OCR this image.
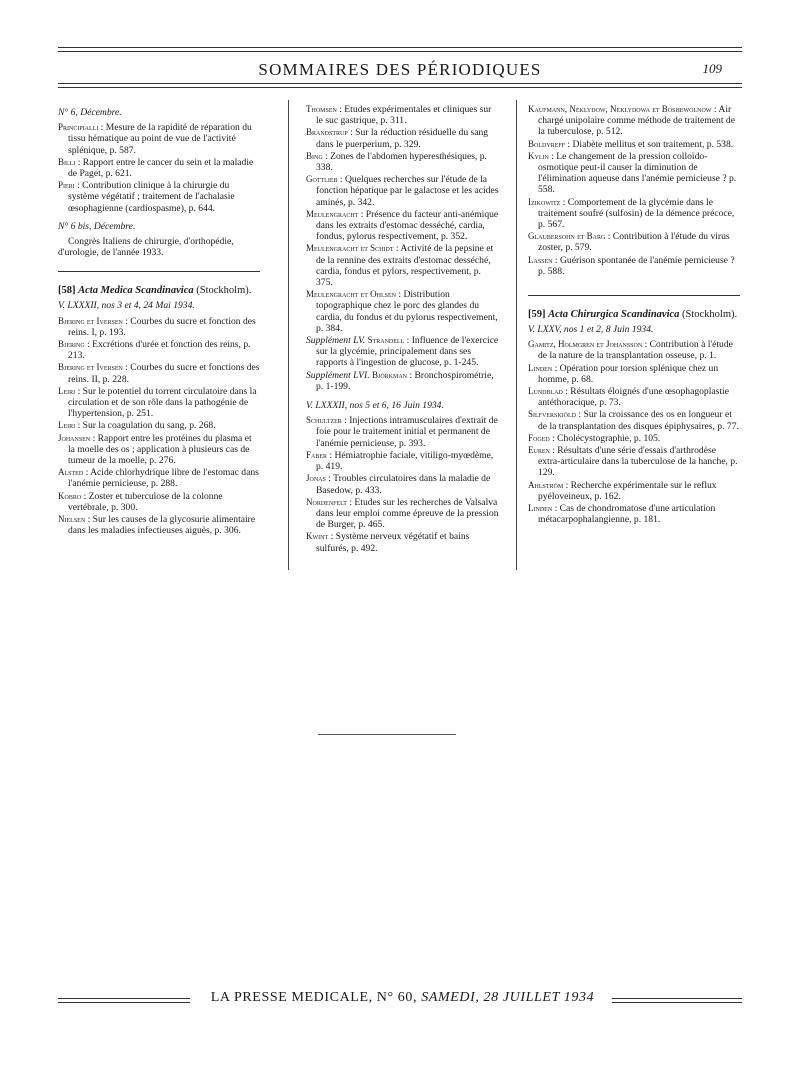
SOMMAIRES DES PÉRIODIQUES	109

N° 6, Décembre.

Principialli : Mesure de la rapidité de réparation du tissu hématique au point de vue de l'activité splénique, p. 587.

Billi : Rapport entre le cancer du sein et la maladie de Paget, p. 621.

Pieri : Contribution clinique à la chirurgie du système végétatif ; traitement de l'achalasie œsophagienne (cardiospasme), p. 644.

N° 6 bis, Décembre.

Congrès Italiens de chirurgie, d'orthopédie, d'urologie, de l'année 1933.

[58] Acta Medica Scandinavica (Stockholm).

V. LXXXII, nos 3 et 4, 24 Mai 1934.

Bjering et Iversen : Courbes du sucre et fonction des reins. I, p. 193.

Bjering : Excrétions d'urée et fonction des reins, p. 213.

Bjering et Iversen : Courbes du sucre et fonctions des reins. II, p. 228.

Leiri : Sur le potentiel du torrent circulatoire dans la circulation et de son rôle dans la pathogénie de l'hypertension, p. 251.

Leiri : Sur la coagulation du sang, p. 268.

Johansen : Rapport entre les protéines du plasma et la moelle des os ; application à plusieurs cas de tumeur de la moelle, p. 276.

Alsted : Acide chlorhydrique libre de l'estomac dans l'anémie pernicieuse, p. 288.

Kobro : Zoster et tuberculose de la colonne vertébrale, p. 300.

Nielsen : Sur les causes de la glycosurie alimentaire dans les maladies infectieuses aiguës, p. 306.

Thomsen : Etudes expérimentales et cliniques sur le suc gastrique, p. 311.

Brandstrup : Sur la réduction résiduelle du sang dans le puerperium, p. 329.

Bing : Zones de l'abdomen hyperesthésiques, p. 338.

Gottlieb : Quelques recherches sur l'étude de la fonction hépatique par le galactose et les acides aminés, p. 342.

Meulengracht : Présence du facteur anti-anémique dans les extraits d'estomac desséché, cardia, fondus, pylorus respectivement, p. 352.

Meulengracht et Schidt : Activité de la pepsine et de la rennine des extraits d'estomac desséché, cardia, fondus et pylors, respectivement, p. 375.

Meulengracht et Ohlsen : Distribution topographique chez le porc des glandes du cardia, du fondus et du pylorus respectivement, p. 384.

Supplément LV. Strandell : Influence de l'exercice sur la glycémie, principalement dans ses rapports à l'ingestion de glucose, p. 1-245.

Supplément LVI. Björkman : Bronchospirométrie, p. 1-199.

V. LXXXII, nos 5 et 6, 16 Juin 1934.

Schultzer : Injections intramusculaires d'extrait de foie pour le traitement initial et permanent de l'anémie pernicieuse, p. 393.

Faber : Hémiatrophie faciale, vitiligo-myœdème, p. 419.

Jonas : Troubles circulatoires dans la maladie de Basedow, p. 433.

Nordenfelt : Etudes sur les recherches de Valsalva dans leur emploi comme épreuve de la pression de Burger, p. 465.

Kwint : Système nerveux végétatif et bains sulfurés, p. 492.

Kaufmann, Neklydow, Neklydowa et Boshewolnow : Air chargé unipolaire comme méthode de traitement de la tuberculose, p. 512.

Boldyreff : Diabète mellitus et son traitement, p. 538.

Kylin : Le changement de la pression colloïdo-osmotique peut-il causer la diminution de l'élimination aqueuse dans l'anémie pernicieuse ? p. 558.

Izikowitz : Comportement de la glycémie dans le traitement soufré (sulfosin) de la démence précoce, p. 567.

Glaubersohn et Barg : Contribution à l'étude du virus zoster, p. 579.

Lassen : Guérison spontanée de l'anémie pernicieuse ? p. 588.

[59] Acta Chirurgica Scandinavica (Stockholm).

V. LXXV, nos 1 et 2, 8 Juin 1934.

Gamitz, Holmgren et Johansson : Contribution à l'étude de la nature de la transplantation osseuse, p. 1.

Linden : Opération pour torsion splénique chez un homme, p. 68.

Lundblad : Résultats éloignés d'une œsophagoplastie antéthoracique, p. 73.

Silfverskiöld : Sur la croissance des os en longueur et de la transplantation des disques épiphysaires, p. 77.

Foged : Cholécystographie, p. 105.

Euren : Résultats d'une série d'essais d'arthrodèse extra-articulaire dans la tuberculose de la hanche, p. 129.

Ahlström : Recherche expérimentale sur le reflux pyéloveineux, p. 162.

Linden : Cas de chondromatose d'une articulation métacarpophalangienne, p. 181.

LA PRESSE MEDICALE, N° 60, SAMEDI, 28 JUILLET 1934
